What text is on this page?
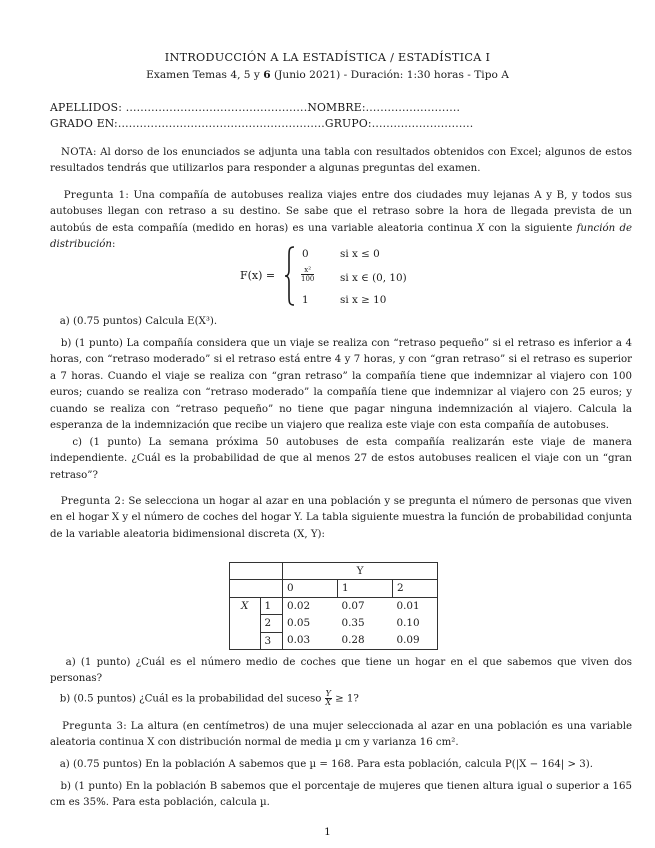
INTRODUCCIÓN A LA ESTADÍSTICA / ESTADÍSTICA I
Examen Temas 4, 5 y 6 (Junio 2021) - Duración: 1:30 horas - Tipo A
APELLIDOS: ..................................................NOMBRE:..........................
GRADO EN:.........................................................GRUPO:............................

NOTA: Al dorso de los enunciados se adjunta una tabla con resultados obtenidos con Excel; algunos de estos resultados tendrás que utilizarlos para responder a algunas preguntas del examen.

Pregunta 1: Una compañía de autobuses realiza viajes entre dos ciudades muy lejanas A y B, y todos sus autobuses llegan con retraso a su destino. Se sabe que el retraso sobre la hora de llegada prevista de un autobús de esta compañía (medido en horas) es una variable aleatoria continua X con la siguiente función de distribución:

F(x) =
0	si x ≤ 0
$\frac{\text{x²}}{100}$ si x ∈ (0, 10)
1	si x ≥ 10

a) (0.75 puntos) Calcula E(X³).

b) (1 punto) La compañía considera que un viaje se realiza con “retraso pequeño” si el retraso es inferior a 4 horas, con “retraso moderado” si el retraso está entre 4 y 7 horas, y con “gran retraso” si el retraso es superior a 7 horas. Cuando el viaje se realiza con “gran retraso” la compañía tiene que indemnizar al viajero con 100 euros; cuando se realiza con “retraso moderado” la compañía tiene que indemnizar al viajero con 25 euros; y cuando se realiza con “retraso pequeño” no tiene que pagar ninguna indemnización al viajero. Calcula la esperanza de la indemnización que recibe un viajero que realiza este viaje con esta compañía de autobuses.

c) (1 punto) La semana próxima 50 autobuses de esta compañía realizarán este viaje de manera independiente. ¿Cuál es la probabilidad de que al menos 27 de estos autobuses realicen el viaje con un “gran retraso”?

Pregunta 2: Se selecciona un hogar al azar en una población y se pregunta el número de personas que viven en el hogar X y el número de coches del hogar Y. La tabla siguiente muestra la función de probabilidad conjunta de la variable aleatoria bidimensional discreta (X, Y):

		Y		
		0	1	2
X	1	0.02	0.07	0.01
	2	0.05	0.35	0.10
	3	0.03	0.28	0.09

a) (1 punto) ¿Cuál es el número medio de coches que tiene un hogar en el que sabemos que viven dos personas?

b) (0.5 puntos) ¿Cuál es la probabilidad del suceso $\frac{Y}{X} \ge 1$?

Pregunta 3: La altura (en centímetros) de una mujer seleccionada al azar en una población es una variable aleatoria continua X con distribución normal de media µ cm y varianza 16 cm².

a) (0.75 puntos) En la población A sabemos que µ = 168. Para esta población, calcula P(|X − 164| > 3).

b) (1 punto) En la población B sabemos que el porcentaje de mujeres que tienen altura igual o superior a 165 cm es 35%. Para esta población, calcula µ.

1
